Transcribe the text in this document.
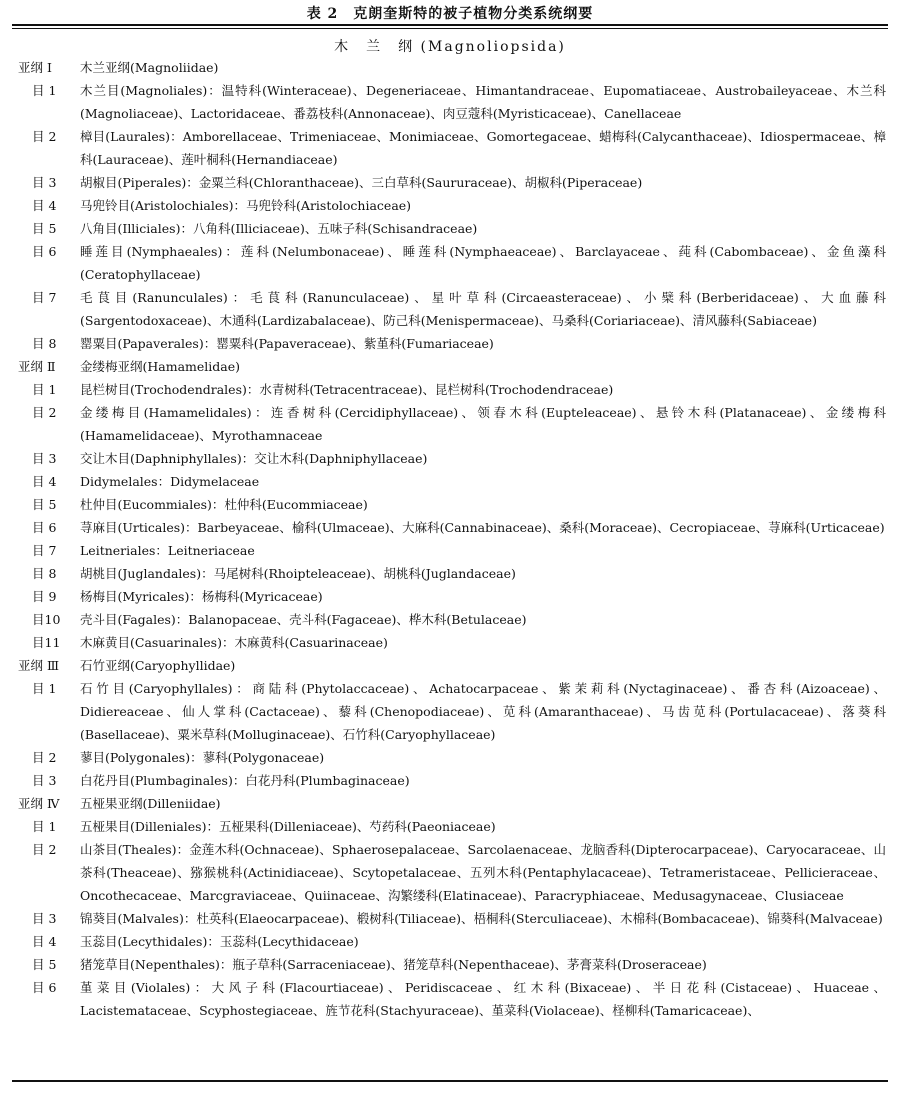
表 2　克朗奎斯特的被子植物分类系统纲要
木　兰　纲 (Magnoliopsida)
亚纲 Ⅰ	木兰亚纲(Magnoliidae)
目 1	木兰目(Magnoliales)：温特科(Winteraceae)、Degeneriaceae、Himantandraceae、Eupomatiaceae、Austrobaileyaceae、木兰科(Magnoliaceae)、Lactoridaceae、番荔枝科(Annonaceae)、肉豆蔻科(Myristicaceae)、Canellaceae
目 2	樟目(Laurales)：Amborellaceae、Trimeniaceae、Monimiaceae、Gomortegaceae、蜡梅科(Calycanthaceae)、Idiospermaceae、樟科(Lauraceae)、莲叶桐科(Hernandiaceae)
目 3	胡椒目(Piperales)：金粟兰科(Chloranthaceae)、三白草科(Saururaceae)、胡椒科(Piperaceae)
目 4	马兜铃目(Aristolochiales)：马兜铃科(Aristolochiaceae)
目 5	八角目(Illiciales)：八角科(Illiciaceae)、五味子科(Schisandraceae)
目 6	睡莲目(Nymphaeales)：莲科(Nelumbonaceae)、睡莲科(Nymphaeaceae)、Barclayaceae、莼科(Cabombaceae)、金鱼藻科(Ceratophyllaceae)
目 7	毛茛目(Ranunculales)：毛茛科(Ranunculaceae)、星叶草科(Circaeasteraceae)、小檗科(Berberidaceae)、大血藤科(Sargentodoxaceae)、木通科(Lardizabalaceae)、防己科(Menispermaceae)、马桑科(Coriariaceae)、清风藤科(Sabiaceae)
目 8	罂粟目(Papaverales)：罂粟科(Papaveraceae)、紫堇科(Fumariaceae)
亚纲 Ⅱ	金缕梅亚纲(Hamamelidae)
目 1	昆栏树目(Trochodendrales)：水青树科(Tetracentraceae)、昆栏树科(Trochodendraceae)
目 2	金缕梅目(Hamamelidales)：连香树科(Cercidiphyllaceae)、领春木科(Eupteleaceae)、悬铃木科(Platanaceae)、金缕梅科(Hamamelidaceae)、Myrothamnaceae
目 3	交让木目(Daphniphyllales)：交让木科(Daphniphyllaceae)
目 4	Didymelales：Didymelaceae
目 5	杜仲目(Eucommiales)：杜仲科(Eucommiaceae)
目 6	荨麻目(Urticales)：Barbeyaceae、榆科(Ulmaceae)、大麻科(Cannabinaceae)、桑科(Moraceae)、Cecropiaceae、荨麻科(Urticaceae)
目 7	Leitneriales：Leitneriaceae
目 8	胡桃目(Juglandales)：马尾树科(Rhoipteleaceae)、胡桃科(Juglandaceae)
目 9	杨梅目(Myricales)：杨梅科(Myricaceae)
目10	壳斗目(Fagales)：Balanopaceae、壳斗科(Fagaceae)、桦木科(Betulaceae)
目11	木麻黄目(Casuarinales)：木麻黄科(Casuarinaceae)
亚纲 Ⅲ	石竹亚纲(Caryophyllidae)
目 1	石竹目(Caryophyllales)：商陆科(Phytolaccaceae)、Achatocarpaceae、紫茉莉科(Nyctaginaceae)、番杏科(Aizoaceae)、Didiereaceae、仙人掌科(Cactaceae)、藜科(Chenopodiaceae)、苋科(Amaranthaceae)、马齿苋科(Portulacaceae)、落葵科(Basellaceae)、粟米草科(Molluginaceae)、石竹科(Caryophyllaceae)
目 2	蓼目(Polygonales)：蓼科(Polygonaceae)
目 3	白花丹目(Plumbaginales)：白花丹科(Plumbaginaceae)
亚纲 Ⅳ	五桠果亚纲(Dilleniidae)
目 1	五桠果目(Dilleniales)：五桠果科(Dilleniaceae)、芍药科(Paeoniaceae)
目 2	山茶目(Theales)：金莲木科(Ochnaceae)、Sphaerosepalaceae、Sarcolaenaceae、龙脑香科(Dipterocarpaceae)、Caryocaraceae、山茶科(Theaceae)、猕猴桃科(Actinidiaceae)、Scytopetalaceae、五列木科(Pentaphylacaceae)、Tetrameristaceae、Pellicieraceae、Oncothecaceae、Marcgraviaceae、Quiinaceae、沟繁缕科(Elatinaceae)、Paracryphiaceae、Medusagynaceae、Clusiaceae
目 3	锦葵目(Malvales)：杜英科(Elaeocarpaceae)、椴树科(Tiliaceae)、梧桐科(Sterculiaceae)、木棉科(Bombacaceae)、锦葵科(Malvaceae)
目 4	玉蕊目(Lecythidales)：玉蕊科(Lecythidaceae)
目 5	猪笼草目(Nepenthales)：瓶子草科(Sarraceniaceae)、猪笼草科(Nepenthaceae)、茅膏菜科(Droseraceae)
目 6	堇菜目(Violales)：大风子科(Flacourtiaceae)、Peridiscaceae、红木科(Bixaceae)、半日花科(Cistaceae)、Huaceae、Lacistemataceae、Scyphostegiaceae、旌节花科(Stachyuraceae)、堇菜科(Violaceae)、柽柳科(Tamaricaceae)、
